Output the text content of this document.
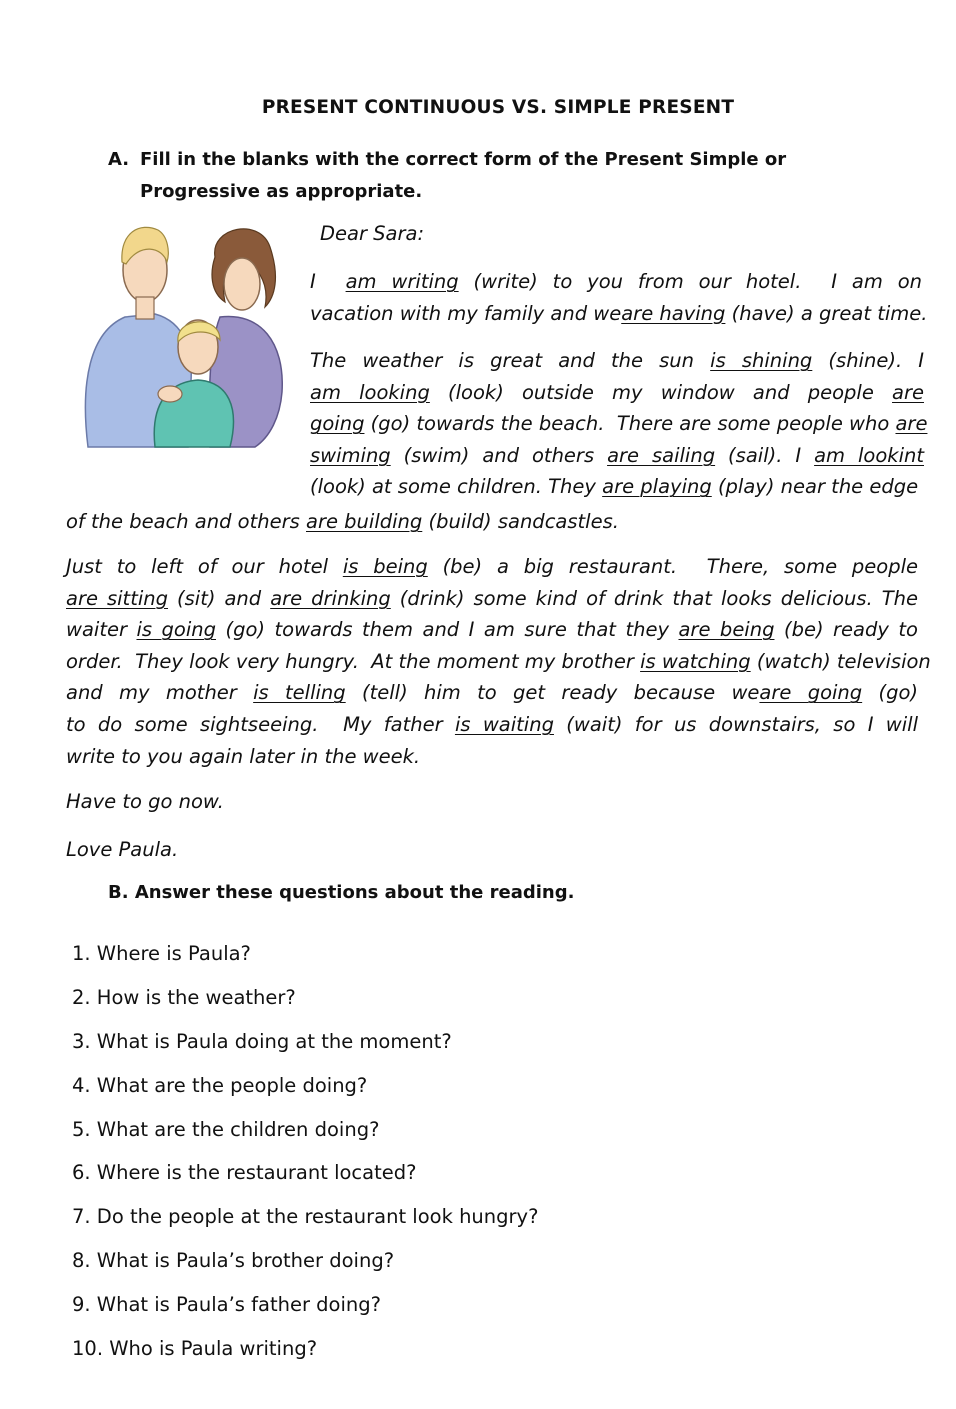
PRESENT CONTINUOUS VS. SIMPLE PRESENT
A. Fill in the blanks with the correct form of the Present Simple or
Progressive as appropriate.
Dear Sara:
I  am writing (write) to you from our hotel.  I am on
vacation with my family and weare having (have) a great time.
The weather is great and the sun is shining (shine). I
am looking (look) outside my window and people are
going (go) towards the beach.  There are some people who are
swiming (swim) and others are sailing (sail). I am lookint
(look) at some children. They are playing (play) near the edge
of the beach and others are building (build) sandcastles.
Just to left of our hotel is being (be) a big restaurant.  There, some people
are sitting (sit) and are drinking (drink) some kind of drink that looks delicious. The
waiter is going (go) towards them and I am sure that they are being (be) ready to
order.  They look very hungry.  At the moment my brother is watching (watch) television
and my mother is telling (tell) him to get ready because weare going (go)
to do some sightseeing.  My father is waiting (wait) for us downstairs, so I will
write to you again later in the week.
Have to go now.
Love Paula.
B. Answer these questions about the reading.
1. Where is Paula?
2. How is the weather?
3. What is Paula doing at the moment?
4. What are the people doing?
5. What are the children doing?
6. Where is the restaurant located?
7. Do the people at the restaurant look hungry?
8. What is Paula’s brother doing?
9. What is Paula’s father doing?
10. Who is Paula writing?
